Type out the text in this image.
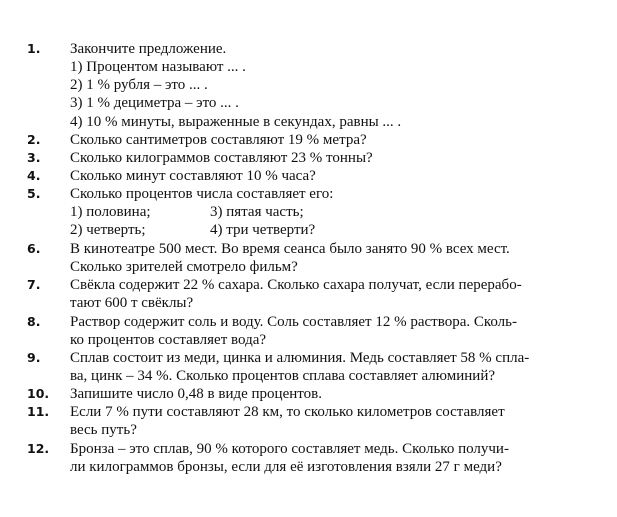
1. Закончите предложение.
1) Процентом называют ... .
2) 1 % рубля – это ... .
3) 1 % дециметра – это ... .
4) 10 % минуты, выраженные в секундах, равны ... .
2. Сколько сантиметров составляют 19 % метра?
3. Сколько килограммов составляют 23 % тонны?
4. Сколько минут составляют 10 % часа?
5. Сколько процентов числа составляет его:
1) половина;	3) пятая часть;
2) четверть;	4) три четверти?
6. В кинотеатре 500 мест. Во время сеанса было занято 90 % всех мест.
Сколько зрителей смотрело фильм?
7. Свёкла содержит 22 % сахара. Сколько сахара получат, если перерабо-
тают 600 т свёклы?
8. Раствор содержит соль и воду. Соль составляет 12 % раствора. Сколь-
ко процентов составляет вода?
9. Сплав состоит из меди, цинка и алюминия. Медь составляет 58 % спла-
ва, цинк – 34 %. Сколько процентов сплава составляет алюминий?
10. Запишите число 0,48 в виде процентов.
11. Если 7 % пути составляют 28 км, то сколько километров составляет
весь путь?
12. Бронза – это сплав, 90 % которого составляет медь. Сколько получи-
ли килограммов бронзы, если для её изготовления взяли 27 г меди?
